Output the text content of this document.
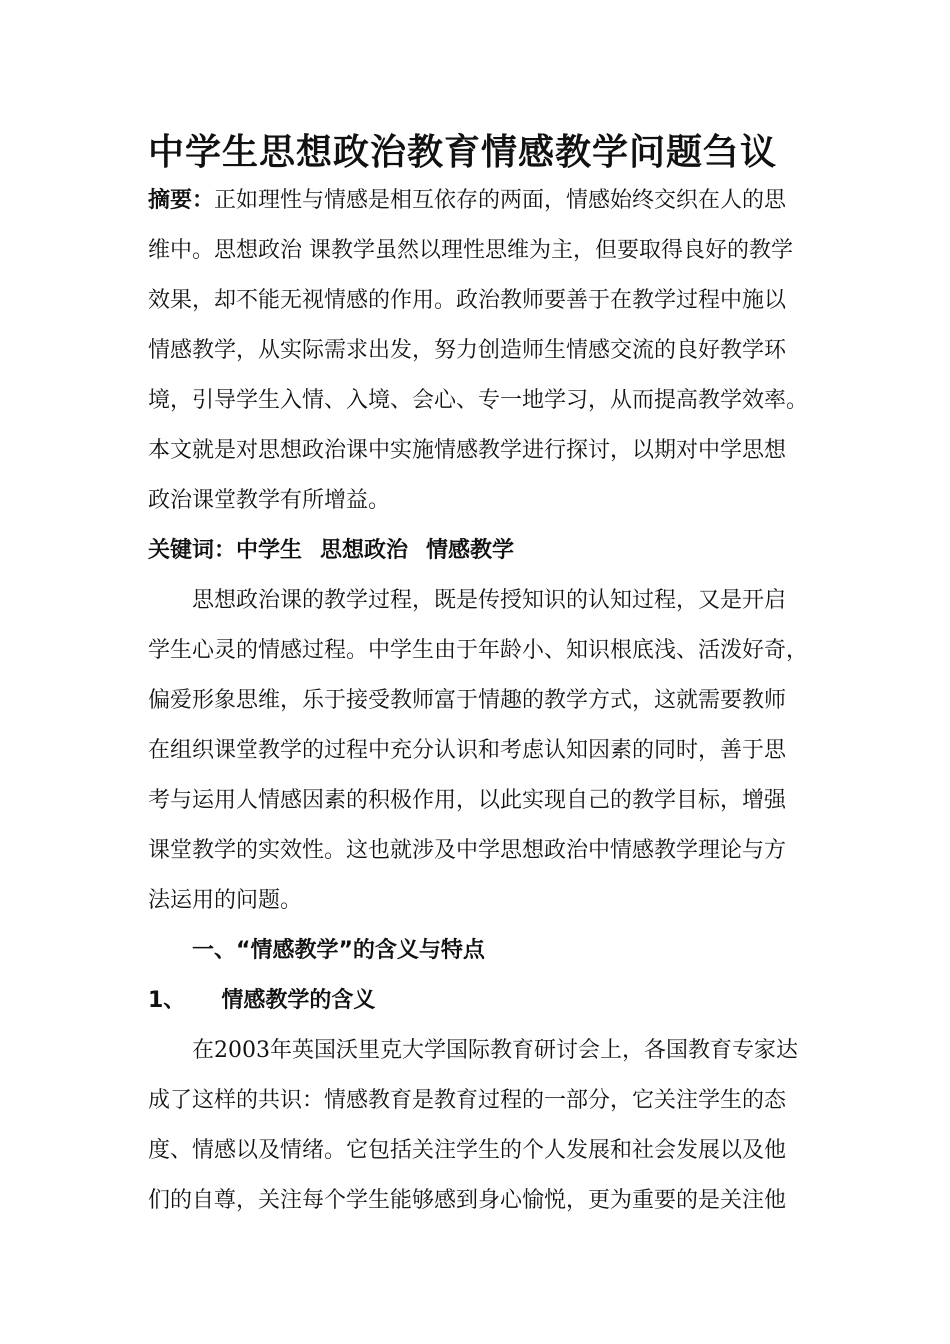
中学生思想政治教育情感教学问题刍议
摘要：正如理性与情感是相互依存的两面，情感始终交织在人的思
维中。思想政治 课教学虽然以理性思维为主，但要取得良好的教学
效果，却不能无视情感的作用。政治教师要善于在教学过程中施以
情感教学，从实际需求出发，努力创造师生情感交流的良好教学环
境，引导学生入情、入境、会心、专一地学习，从而提高教学效率。
本文就是对思想政治课中实施情感教学进行探讨，以期对中学思想
政治课堂教学有所增益。
关键词：中学生 思想政治 情感教学
思想政治课的教学过程，既是传授知识的认知过程，又是开启
学生心灵的情感过程。中学生由于年龄小、知识根底浅、活泼好奇，
偏爱形象思维，乐于接受教师富于情趣的教学方式，这就需要教师
在组织课堂教学的过程中充分认识和考虑认知因素的同时，善于思
考与运用人情感因素的积极作用，以此实现自己的教学目标，增强
课堂教学的实效性。这也就涉及中学思想政治中情感教学理论与方
法运用的问题。
一、“情感教学”的含义与特点
1、 情感教学的含义
在2003年英国沃里克大学国际教育研讨会上，各国教育专家达
成了这样的共识：情感教育是教育过程的一部分，它关注学生的态
度、情感以及情绪。它包括关注学生的个人发展和社会发展以及他
们的自尊，关注每个学生能够感到身心愉悦，更为重要的是关注他
